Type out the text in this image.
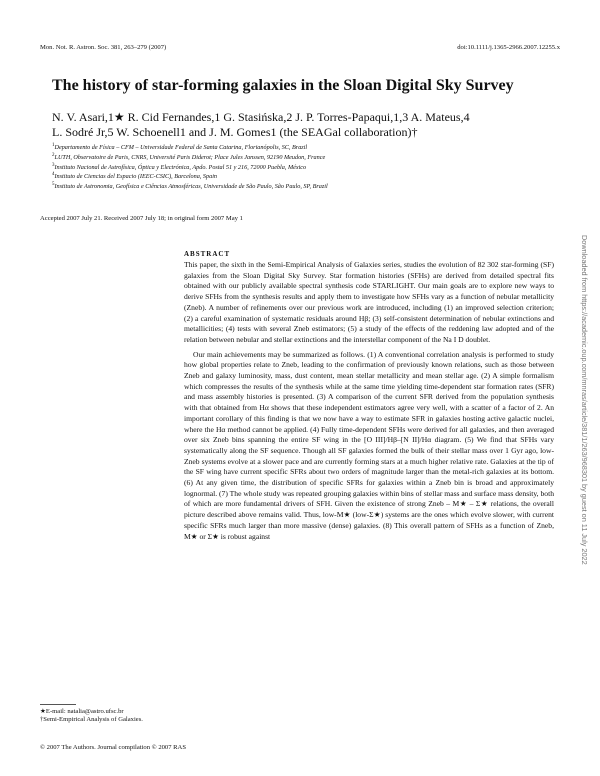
Mon. Not. R. Astron. Soc. 381, 263–279 (2007)	doi:10.1111/j.1365-2966.2007.12255.x
The history of star-forming galaxies in the Sloan Digital Sky Survey
N. V. Asari,1★ R. Cid Fernandes,1 G. Stasińska,2 J. P. Torres-Papaqui,1,3 A. Mateus,4
L. Sodré Jr,5 W. Schoenell1 and J. M. Gomes1 (the SEAGal collaboration)†
$^1$Departamento de Física – CFM – Universidade Federal de Santa Catarina, Florianópolis, SC, Brazil
$^2$LUTH, Observatoire de Paris, CNRS, Université Paris Diderot; Place Jules Janssen, 92190 Meudon, France
$^3$Instituto Nacional de Astrofísica, Óptica y Electrónica, Apdo. Postal 51 y 216, 72000 Puebla, México
$^4$Instituto de Ciencias del Espacio (IEEC-CSIC), Barcelona, Spain
$^5$Instituto de Astronomia, Geofísica e Ciências Atmosféricas, Universidade de São Paulo, São Paulo, SP, Brazil
Accepted 2007 July 21. Received 2007 July 18; in original form 2007 May 1
ABSTRACT

This paper, the sixth in the Semi-Empirical Analysis of Galaxies series, studies the evolution of 82 302 star-forming (SF) galaxies from the Sloan Digital Sky Survey. Star formation histories (SFHs) are derived from detailed spectral fits obtained with our publicly available spectral synthesis code STARLIGHT. Our main goals are to explore new ways to derive SFHs from the synthesis results and apply them to investigate how SFHs vary as a function of nebular metallicity (Zneb). A number of refinements over our previous work are introduced, including (1) an improved selection criterion; (2) a careful examination of systematic residuals around Hβ; (3) self-consistent determination of nebular extinctions and metallicities; (4) tests with several Zneb estimators; (5) a study of the effects of the reddening law adopted and of the relation between nebular and stellar extinctions and the interstellar component of the Na I D doublet.

Our main achievements may be summarized as follows. (1) A conventional correlation analysis is performed to study how global properties relate to Zneb, leading to the confirmation of previously known relations, such as those between Zneb and galaxy luminosity, mass, dust content, mean stellar metallicity and mean stellar age. (2) A simple formalism which compresses the results of the synthesis while at the same time yielding time-dependent star formation rates (SFR) and mass assembly histories is presented. (3) A comparison of the current SFR derived from the population synthesis with that obtained from Hα shows that these independent estimators agree very well, with a scatter of a factor of 2. An important corollary of this finding is that we now have a way to estimate SFR in galaxies hosting active galactic nuclei, where the Hα method cannot be applied. (4) Fully time-dependent SFHs were derived for all galaxies, and then averaged over six Zneb bins spanning the entire SF wing in the [O III]/Hβ–[N II]/Hα diagram. (5) We find that SFHs vary systematically along the SF sequence. Though all SF galaxies formed the bulk of their stellar mass over 1 Gyr ago, low-Zneb systems evolve at a slower pace and are currently forming stars at a much higher relative rate. Galaxies at the tip of the SF wing have current specific SFRs about two orders of magnitude larger than the metal-rich galaxies at its bottom. (6) At any given time, the distribution of specific SFRs for galaxies within a Zneb bin is broad and approximately lognormal. (7) The whole study was repeated grouping galaxies within bins of stellar mass and surface mass density, both of which are more fundamental drivers of SFH. Given the existence of strong Zneb – M★ – Σ★ relations, the overall picture described above remains valid. Thus, low-M★ (low-Σ★) systems are the ones which evolve slower, with current specific SFRs much larger than more massive (dense) galaxies. (8) This overall pattern of SFHs as a function of Zneb, M★ or Σ★ is robust against

★E-mail: natalia@astro.ufsc.br
†Semi-Empirical Analysis of Galaxies.
© 2007 The Authors. Journal compilation © 2007 RAS
Downloaded from https://academic.oup.com/mnras/article/381/1/263/968301 by guest on 11 July 2022
